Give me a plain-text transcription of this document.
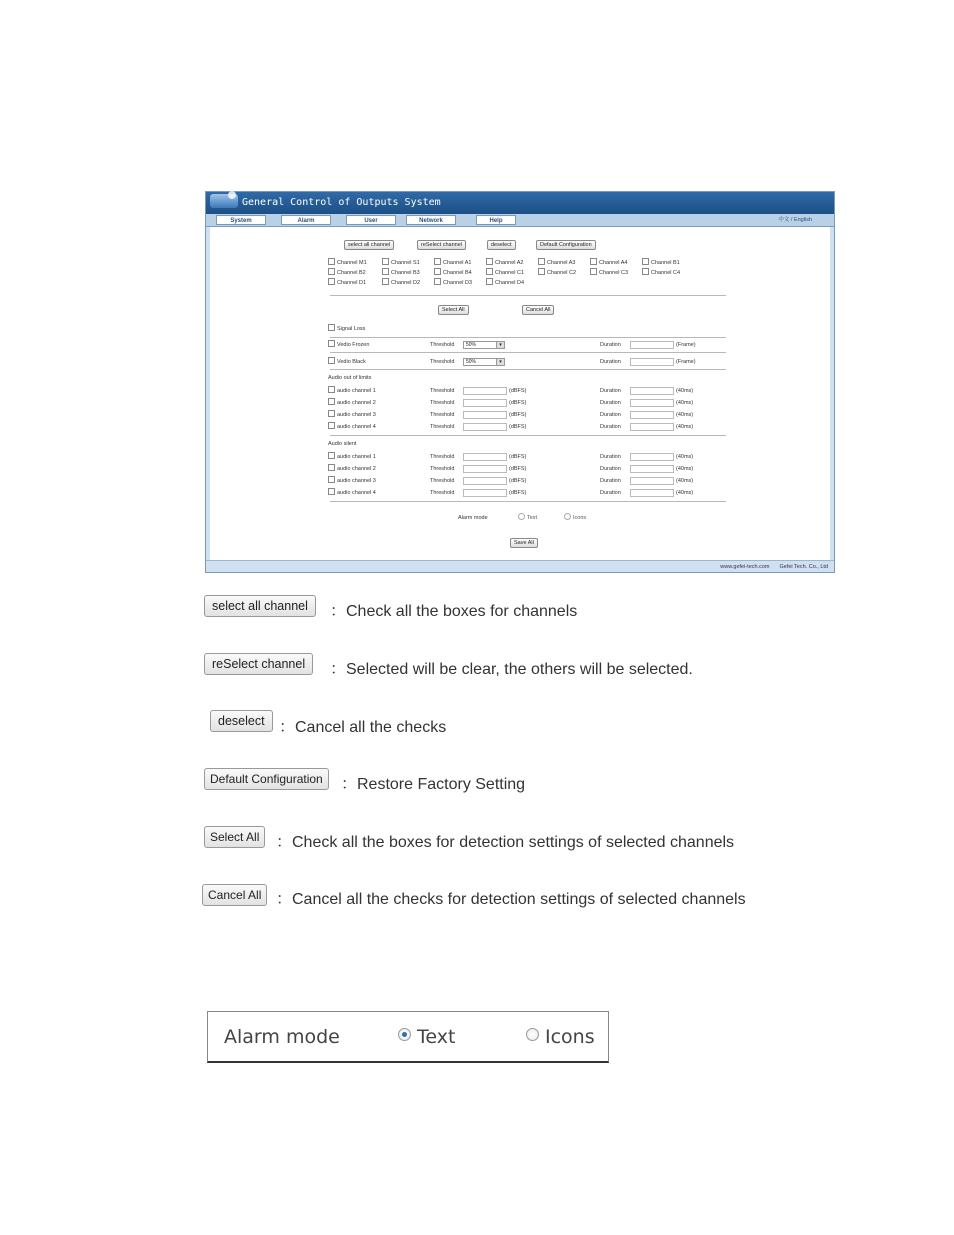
General Control of Outputs System
System	Alarm	User	Network	Help	中文 / English
select all channel	reSelect channel	deselect	Default Configuration
Channel M1	Channel S1	Channel A1	Channel A2	Channel A3	Channel A4	Channel B1
Channel B2	Channel B3	Channel B4	Channel C1	Channel C2	Channel C3	Channel C4
Channel D1	Channel D2	Channel D3	Channel D4
Select All	Cancel All
Signal Loss
Vedio Frozen	Threshold	50% ▾	Duration	(Frame)
Vedio Black	Threshold	50% ▾	Duration	(Frame)
Audio out of limits
audio channel 1	Threshold	(dBFS)	Duration	(40ms)
audio channel 2	Threshold	(dBFS)	Duration	(40ms)
audio channel 3	Threshold	(dBFS)	Duration	(40ms)
audio channel 4	Threshold	(dBFS)	Duration	(40ms)
Audio silent
audio channel 1	Threshold	(dBFS)	Duration	(40ms)
audio channel 2	Threshold	(dBFS)	Duration	(40ms)
audio channel 3	Threshold	(dBFS)	Duration	(40ms)
audio channel 4	Threshold	(dBFS)	Duration	(40ms)
Alarm mode	Text	Icons
Save All
www.gefei-tech.com Gefei Tech. Co., Ltd
select all channel	：Check all the boxes for channels
reSelect channel	：Selected will be clear, the others will be selected.
deselect ：Cancel all the checks
Default Configuration	：Restore Factory Setting
Select All	：Check all the boxes for detection settings of selected channels
Cancel All ：Cancel all the checks for detection settings of selected channels
Alarm mode	Text	Icons
